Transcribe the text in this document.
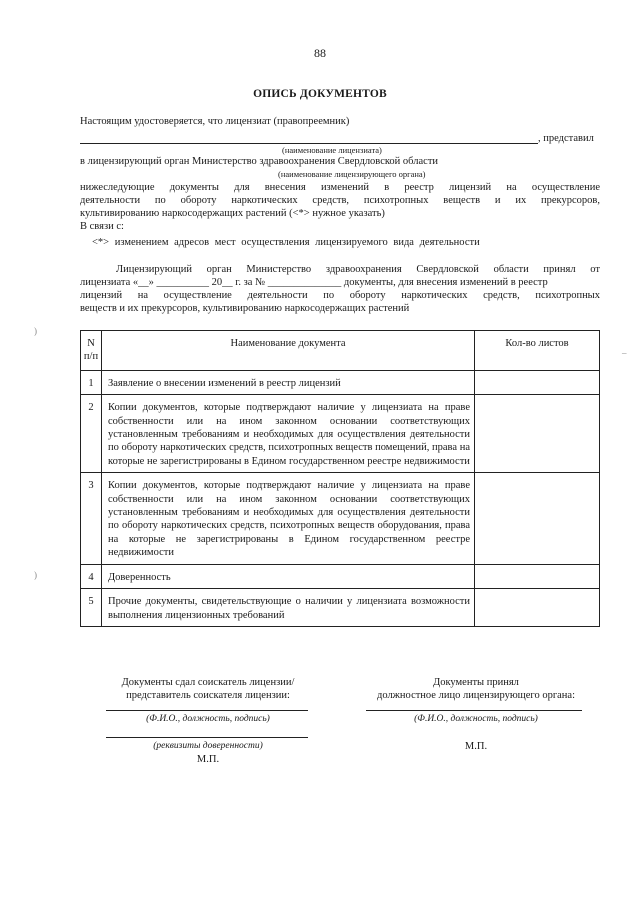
88
ОПИСЬ ДОКУМЕНТОВ
Настоящим удостоверяется, что лицензиат (правопреемник)
, представил
(наименование лицензиата)
в лицензирующий орган Министерство здравоохранения Свердловской области
(наименование лицензирующего органа)
нижеследующие документы для внесения изменений в реестр лицензий на осуществление
деятельности по обороту наркотических средств, психотропных веществ и их прекурсоров,
культивированию наркосодержащих растений (<*> нужное указать)
В связи с:
<*> изменением адресов мест осуществления лицензируемого вида деятельности
Лицензирующий орган Министерство здравоохранения Свердловской области принял от
лицензиата «__» __________ 20__ г. за № ______________ документы, для внесения изменений в реестр
лицензий на осуществление деятельности по обороту наркотических средств, психотропных
веществ и их прекурсоров, культивированию наркосодержащих растений
N п/п	Наименование документа	Кол-во листов
1	Заявление о внесении изменений в реестр лицензий	
2	Копии документов, которые подтверждают наличие у лицензиата на праве собственности или на ином законном основании соответствующих установленным требованиям и необходимых для осуществления деятельности по обороту наркотических средств, психотропных веществ помещений, права на которые не зарегистрированы в Едином государственном реестре недвижимости	
3	Копии документов, которые подтверждают наличие у лицензиата на праве собственности или на ином законном основании соответствующих установленным требованиям и необходимых для осуществления деятельности по обороту наркотических средств, психотропных веществ оборудования, права на которые не зарегистрированы в Едином государственном реестре недвижимости	
4	Доверенность	
5	Прочие документы, свидетельствующие о наличии у лицензиата возможности выполнения лицензионных требований	
Документы сдал соискатель лицензии/
представитель соискателя лицензии:
(Ф.И.О., должность, подпись)
(реквизиты доверенности)
М.П.
Документы принял
должностное лицо лицензирующего органа:
(Ф.И.О., должность, подпись)
М.П.
)
)
–
